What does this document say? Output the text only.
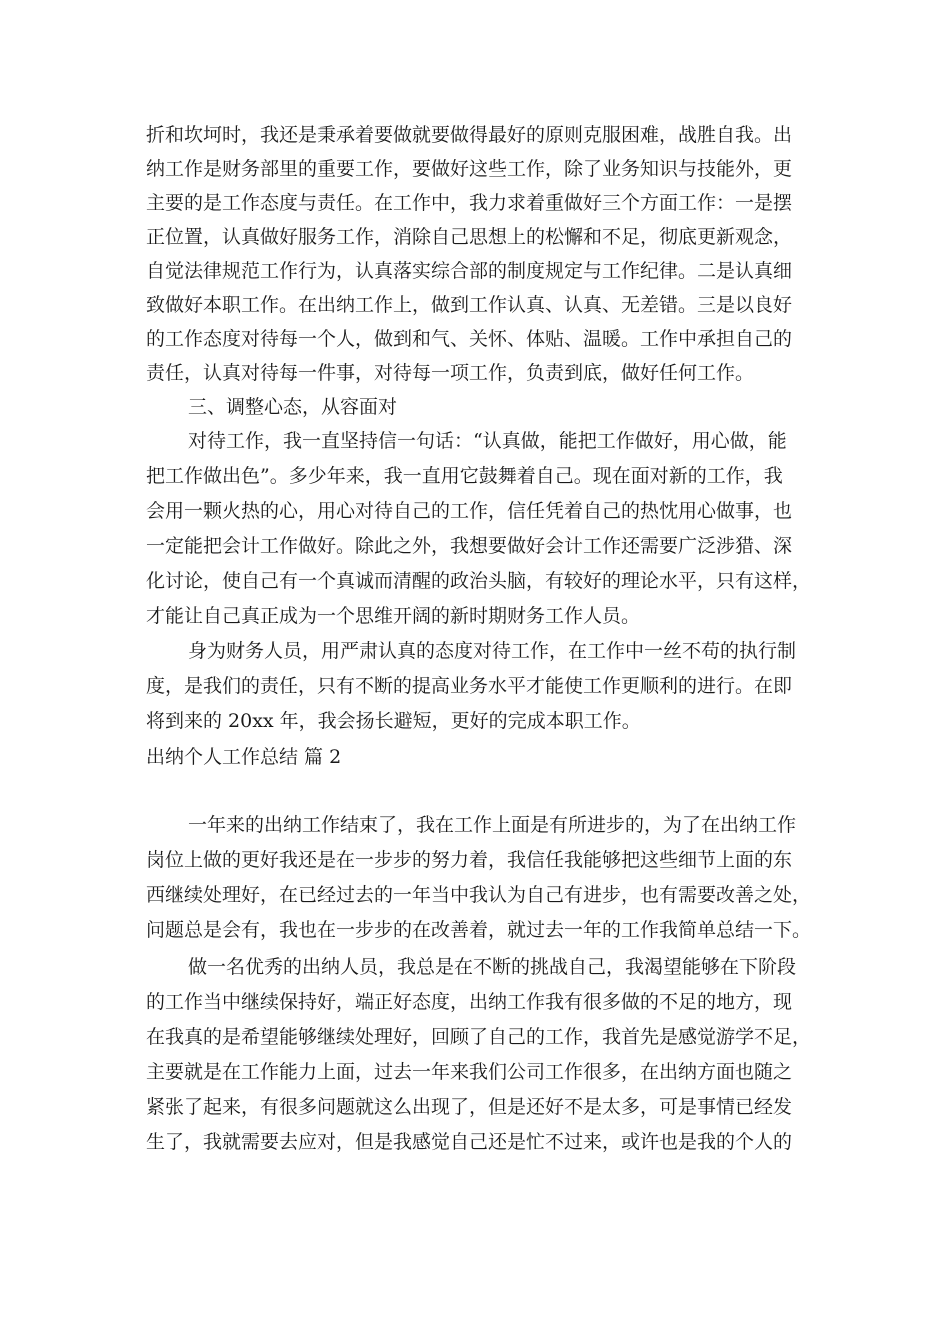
折和坎坷时，我还是秉承着要做就要做得最好的原则克服困难，战胜自我。出
纳工作是财务部里的重要工作，要做好这些工作，除了业务知识与技能外，更
主要的是工作态度与责任。在工作中，我力求着重做好三个方面工作：一是摆
正位置，认真做好服务工作，消除自己思想上的松懈和不足，彻底更新观念，
自觉法律规范工作行为，认真落实综合部的制度规定与工作纪律。二是认真细
致做好本职工作。在出纳工作上，做到工作认真、认真、无差错。三是以良好
的工作态度对待每一个人，做到和气、关怀、体贴、温暖。工作中承担自己的
责任，认真对待每一件事，对待每一项工作，负责到底，做好任何工作。
三、调整心态，从容面对
对待工作，我一直坚持信一句话：“认真做，能把工作做好，用心做，能
把工作做出色”。多少年来，我一直用它鼓舞着自己。现在面对新的工作，我
会用一颗火热的心，用心对待自己的工作，信任凭着自己的热忱用心做事，也
一定能把会计工作做好。除此之外，我想要做好会计工作还需要广泛涉猎、深
化讨论，使自己有一个真诚而清醒的政治头脑，有较好的理论水平，只有这样，
才能让自己真正成为一个思维开阔的新时期财务工作人员。
身为财务人员，用严肃认真的态度对待工作，在工作中一丝不苟的执行制
度，是我们的责任，只有不断的提高业务水平才能使工作更顺利的进行。在即
将到来的 20xx 年，我会扬长避短，更好的完成本职工作。
出纳个人工作总结 篇 2
一年来的出纳工作结束了，我在工作上面是有所进步的，为了在出纳工作
岗位上做的更好我还是在一步步的努力着，我信任我能够把这些细节上面的东
西继续处理好，在已经过去的一年当中我认为自己有进步，也有需要改善之处，
问题总是会有，我也在一步步的在改善着，就过去一年的工作我简单总结一下。
做一名优秀的出纳人员，我总是在不断的挑战自己，我渴望能够在下阶段
的工作当中继续保持好，端正好态度，出纳工作我有很多做的不足的地方，现
在我真的是希望能够继续处理好，回顾了自己的工作，我首先是感觉游学不足，
主要就是在工作能力上面，过去一年来我们公司工作很多，在出纳方面也随之
紧张了起来，有很多问题就这么出现了，但是还好不是太多，可是事情已经发
生了，我就需要去应对，但是我感觉自己还是忙不过来，或许也是我的个人的
